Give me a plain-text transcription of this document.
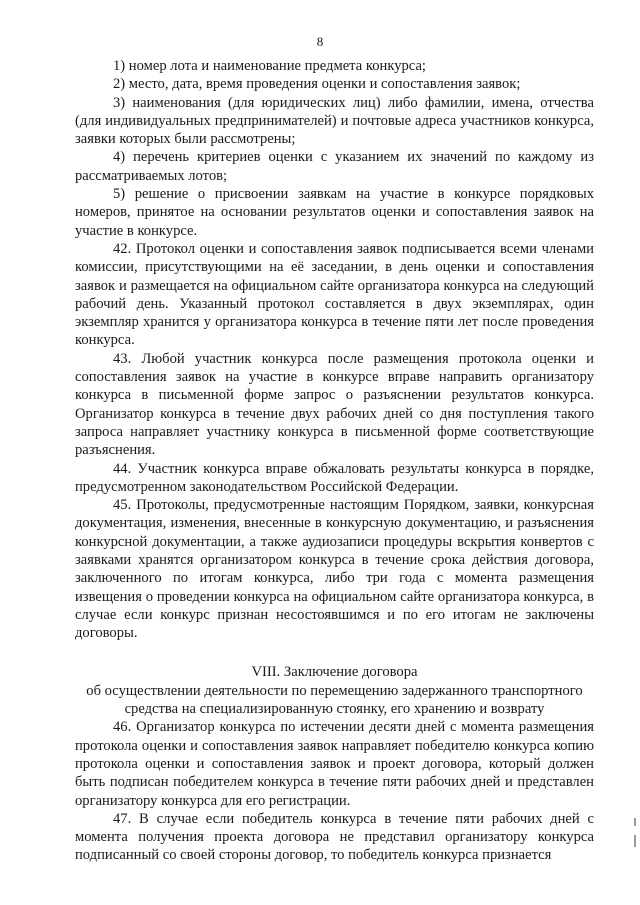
8

1) номер лота и наименование предмета конкурса;

2) место, дата, время проведения оценки и сопоставления заявок;

3) наименования (для юридических лиц) либо фамилии, имена, отчества (для индивидуальных предпринимателей) и почтовые адреса участников конкурса, заявки которых были рассмотрены;

4) перечень критериев оценки с указанием их значений по каждому из рассматриваемых лотов;

5) решение о присвоении заявкам на участие в конкурсе порядковых номеров, принятое на основании результатов оценки и сопоставления заявок на участие в конкурсе.

42. Протокол оценки и сопоставления заявок подписывается всеми членами комиссии, присутствующими на её заседании, в день оценки и сопоставления заявок и размещается на официальном сайте организатора конкурса на следующий рабочий день. Указанный протокол составляется в двух экземплярах, один экземпляр хранится у организатора конкурса в течение пяти лет после проведения конкурса.

43. Любой участник конкурса после размещения протокола оценки и сопоставления заявок на участие в конкурсе вправе направить организатору конкурса в письменной форме запрос о разъяснении результатов конкурса. Организатор конкурса в течение двух рабочих дней со дня поступления такого запроса направляет участнику конкурса в письменной форме соответствующие разъяснения.

44. Участник конкурса вправе обжаловать результаты конкурса в порядке, предусмотренном законодательством Российской Федерации.

45. Протоколы, предусмотренные настоящим Порядком, заявки, конкурсная документация, изменения, внесенные в конкурсную документацию, и разъяснения конкурсной документации, а также аудиозаписи процедуры вскрытия конвертов с заявками хранятся организатором конкурса в течение срока действия договора, заключенного по итогам конкурса, либо три года с момента размещения извещения о проведении конкурса на официальном сайте организатора конкурса, в случае если конкурс признан несостоявшимся и по его итогам не заключены договоры.

VIII. Заключение договора
об осуществлении деятельности по перемещению задержанного транспортного
средства на специализированную стоянку, его хранению и возврату

46. Организатор конкурса по истечении десяти дней с момента размещения протокола оценки и сопоставления заявок направляет победителю конкурса копию протокола оценки и сопоставления заявок и проект договора, который должен быть подписан победителем конкурса в течение пяти рабочих дней и представлен организатору конкурса для его регистрации.

47. В случае если победитель конкурса в течение пяти рабочих дней с момента получения проекта договора не представил организатору конкурса подписанный со своей стороны договор, то победитель конкурса признается
